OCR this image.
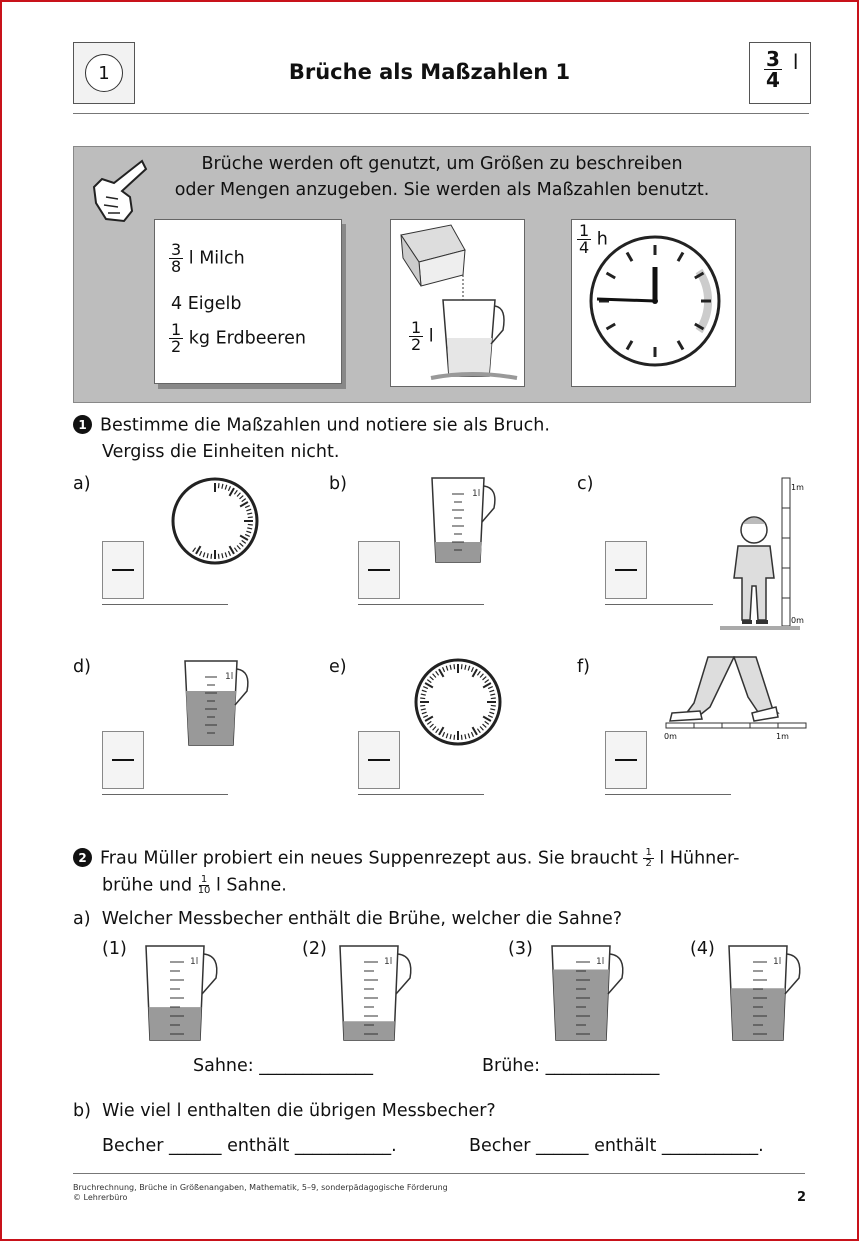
1	Brüche als Maßzahlen 1	$\frac{3}{4}$ l
Brüche werden oft genutzt, um Größen zu beschreiben
oder Mengen anzugeben. Sie werden als Maßzahlen benutzt.
$\frac{3}{8}$ l Milch
4 Eigelb
$\frac{1}{2}$ kg Erdbeeren	$\frac{1}{2}$ l
$\frac{1}{4}$ h
1 Bestimme die Maßzahlen und notiere sie als Bruch.
Vergiss die Einheiten nicht.
a)	b)	c)
d)	e)	f)
1l
1l
1m
0m
0m	1m
2 Frau Müller probiert ein neues Suppenrezept aus. Sie braucht $\frac{1}{2}$ l Hühner-
brühe und $\frac{1}{10}$ l Sahne.
a) Welcher Messbecher enthält die Brühe, welcher die Sahne?
(1)	(2)	(3)	(4)
1l	1l	1l	1l
Sahne: _____________	Brühe: _____________
b) Wie viel l enthalten die übrigen Messbecher?
Becher ______ enthält ___________.	Becher ______ enthält ___________.
Bruchrechnung, Brüche in Größenangaben, Mathematik, 5–9, sonderpädagogische Förderung
© Lehrerbüro	2
